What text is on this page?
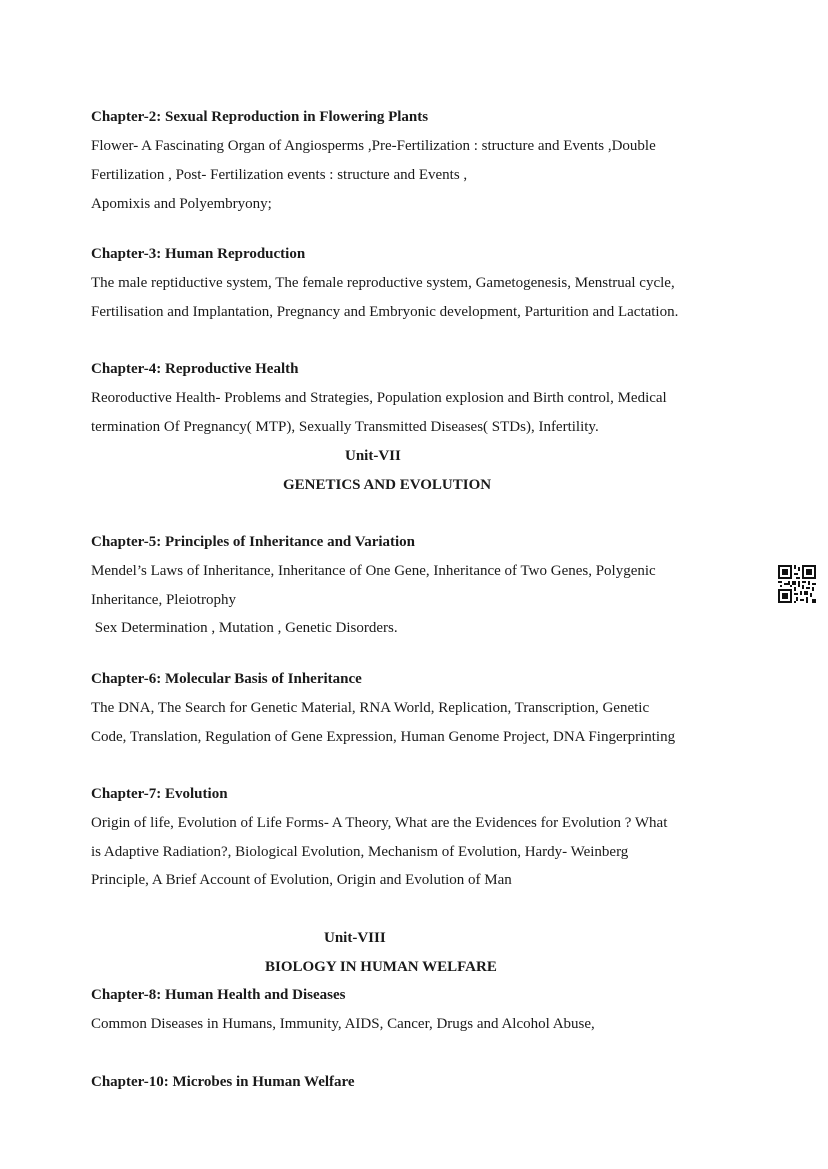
Chapter-2: Sexual Reproduction in Flowering Plants

Flower- A Fascinating Organ of Angiosperms ,Pre-Fertilization : structure and Events ,Double

Fertilization , Post- Fertilization events : structure and Events ,

Apomixis and Polyembryony;

Chapter-3: Human Reproduction

The male reptiductive system, The female reproductive system, Gametogenesis, Menstrual cycle,

Fertilisation and Implantation, Pregnancy and Embryonic development, Parturition and Lactation.

Chapter-4: Reproductive Health

Reoroductive Health- Problems and Strategies, Population explosion and Birth control, Medical

termination Of Pregnancy( MTP), Sexually Transmitted Diseases( STDs), Infertility.

Unit-VII

GENETICS AND EVOLUTION

Chapter-5: Principles of Inheritance and Variation

Mendel’s Laws of Inheritance, Inheritance of One Gene, Inheritance of Two Genes, Polygenic

Inheritance, Pleiotrophy

Sex Determination , Mutation , Genetic Disorders.

Chapter-6: Molecular Basis of Inheritance

The DNA, The Search for Genetic Material, RNA World, Replication, Transcription, Genetic

Code, Translation, Regulation of Gene Expression, Human Genome Project, DNA Fingerprinting

Chapter-7: Evolution

Origin of life, Evolution of Life Forms- A Theory, What are the Evidences for Evolution ? What

is Adaptive Radiation?, Biological Evolution, Mechanism of Evolution, Hardy- Weinberg

Principle, A Brief Account of Evolution, Origin and Evolution of Man

Unit-VIII

BIOLOGY IN HUMAN WELFARE

Chapter-8: Human Health and Diseases

Common Diseases in Humans, Immunity, AIDS, Cancer, Drugs and Alcohol Abuse,

Chapter-10: Microbes in Human Welfare
